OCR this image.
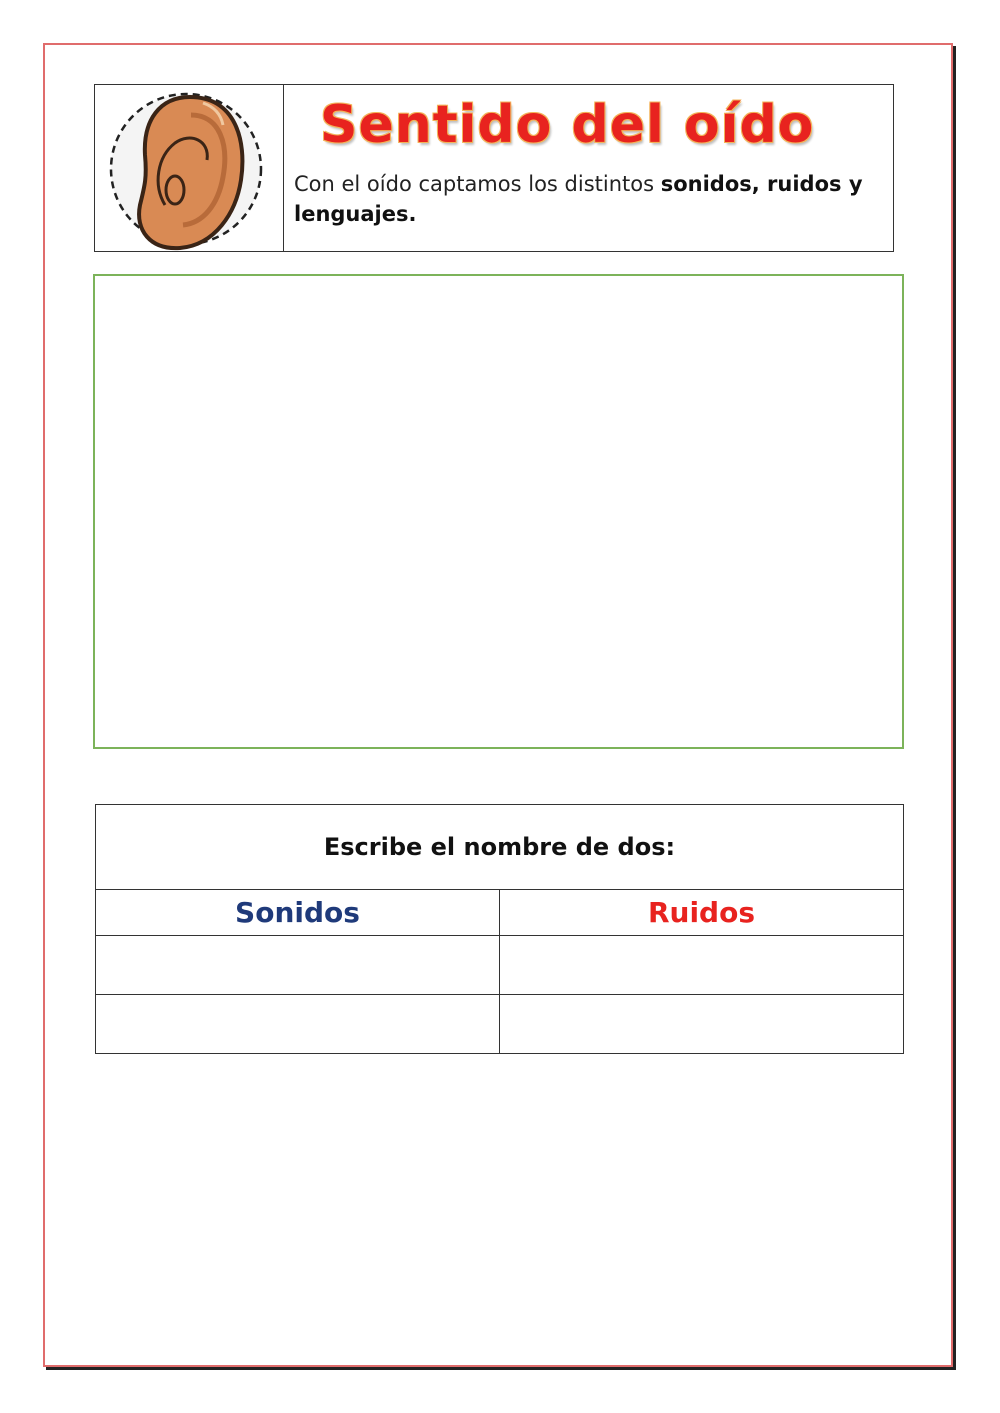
Sentido del oído

Con el oído captamos los distintos sonidos, ruidos y lenguajes.

Escribe el nombre de dos:	
Sonidos	Ruidos
